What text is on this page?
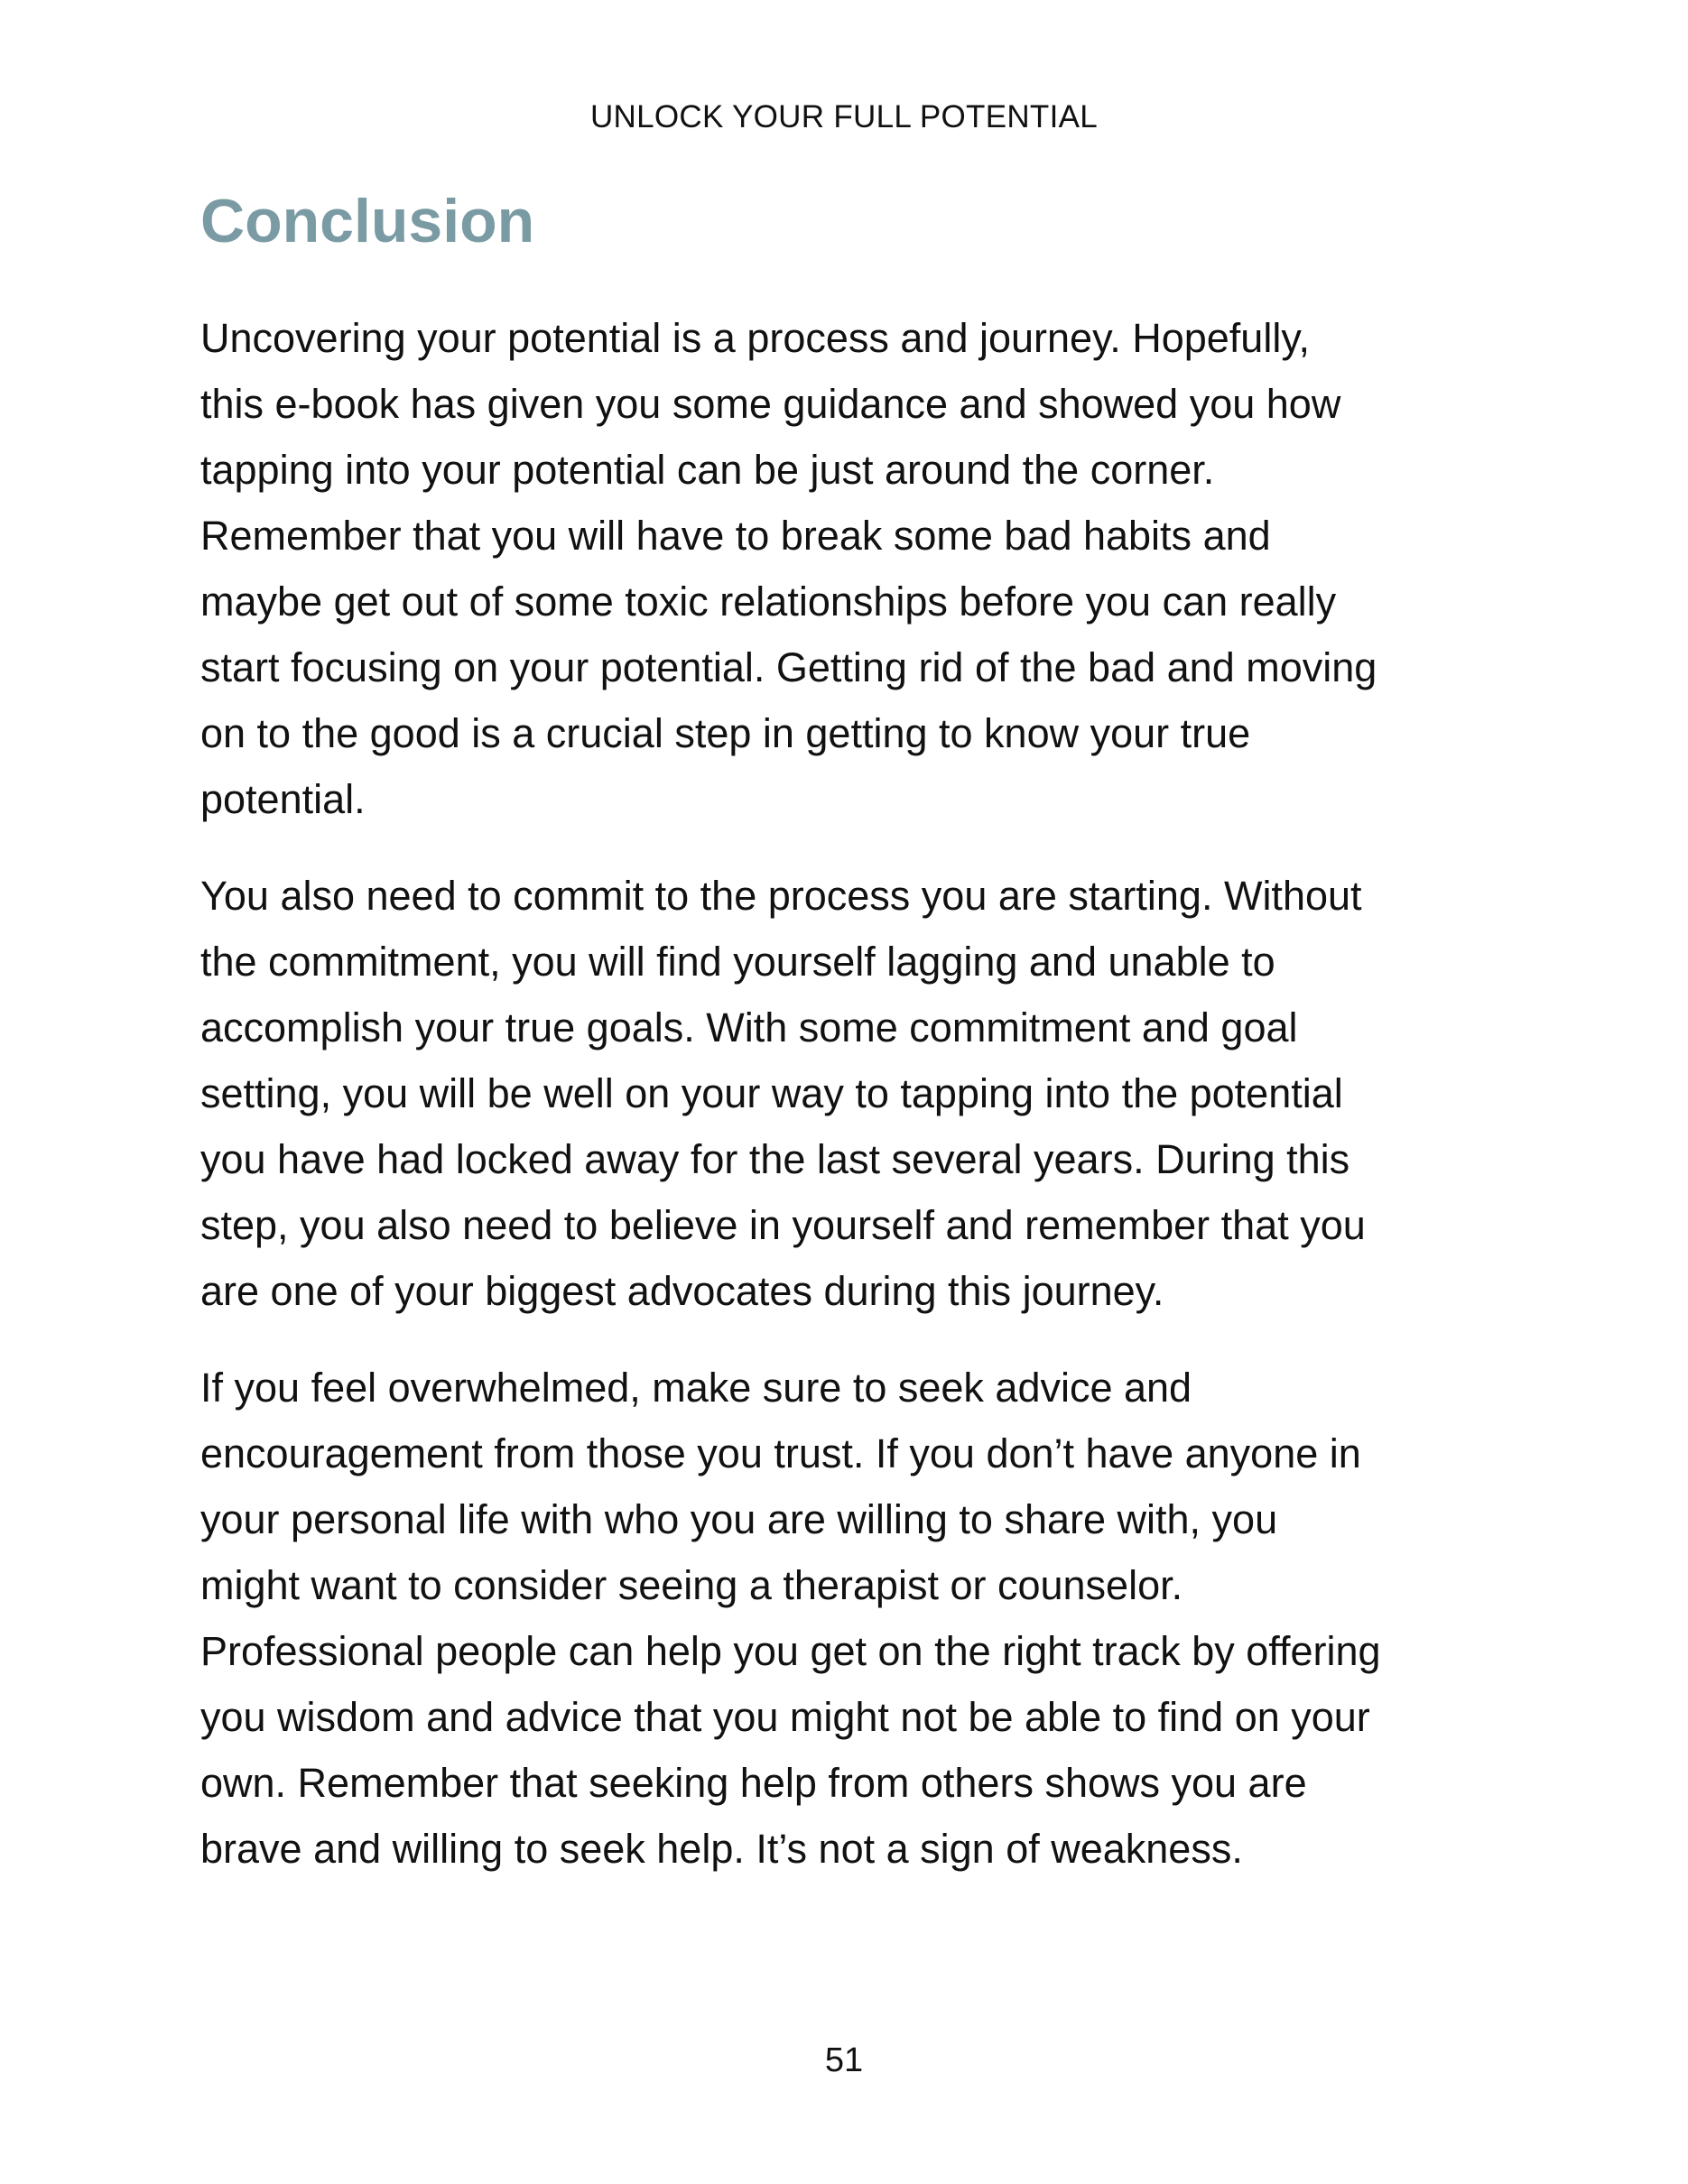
UNLOCK YOUR FULL POTENTIAL
Conclusion

Uncovering your potential is a process and journey. Hopefully,
this e-book has given you some guidance and showed you how
tapping into your potential can be just around the corner.
Remember that you will have to break some bad habits and
maybe get out of some toxic relationships before you can really
start focusing on your potential. Getting rid of the bad and moving
on to the good is a crucial step in getting to know your true
potential.

You also need to commit to the process you are starting. Without
the commitment, you will find yourself lagging and unable to
accomplish your true goals. With some commitment and goal
setting, you will be well on your way to tapping into the potential
you have had locked away for the last several years. During this
step, you also need to believe in yourself and remember that you
are one of your biggest advocates during this journey.

If you feel overwhelmed, make sure to seek advice and
encouragement from those you trust. If you don’t have anyone in
your personal life with who you are willing to share with, you
might want to consider seeing a therapist or counselor.
Professional people can help you get on the right track by offering
you wisdom and advice that you might not be able to find on your
own. Remember that seeking help from others shows you are
brave and willing to seek help. It’s not a sign of weakness.

51
